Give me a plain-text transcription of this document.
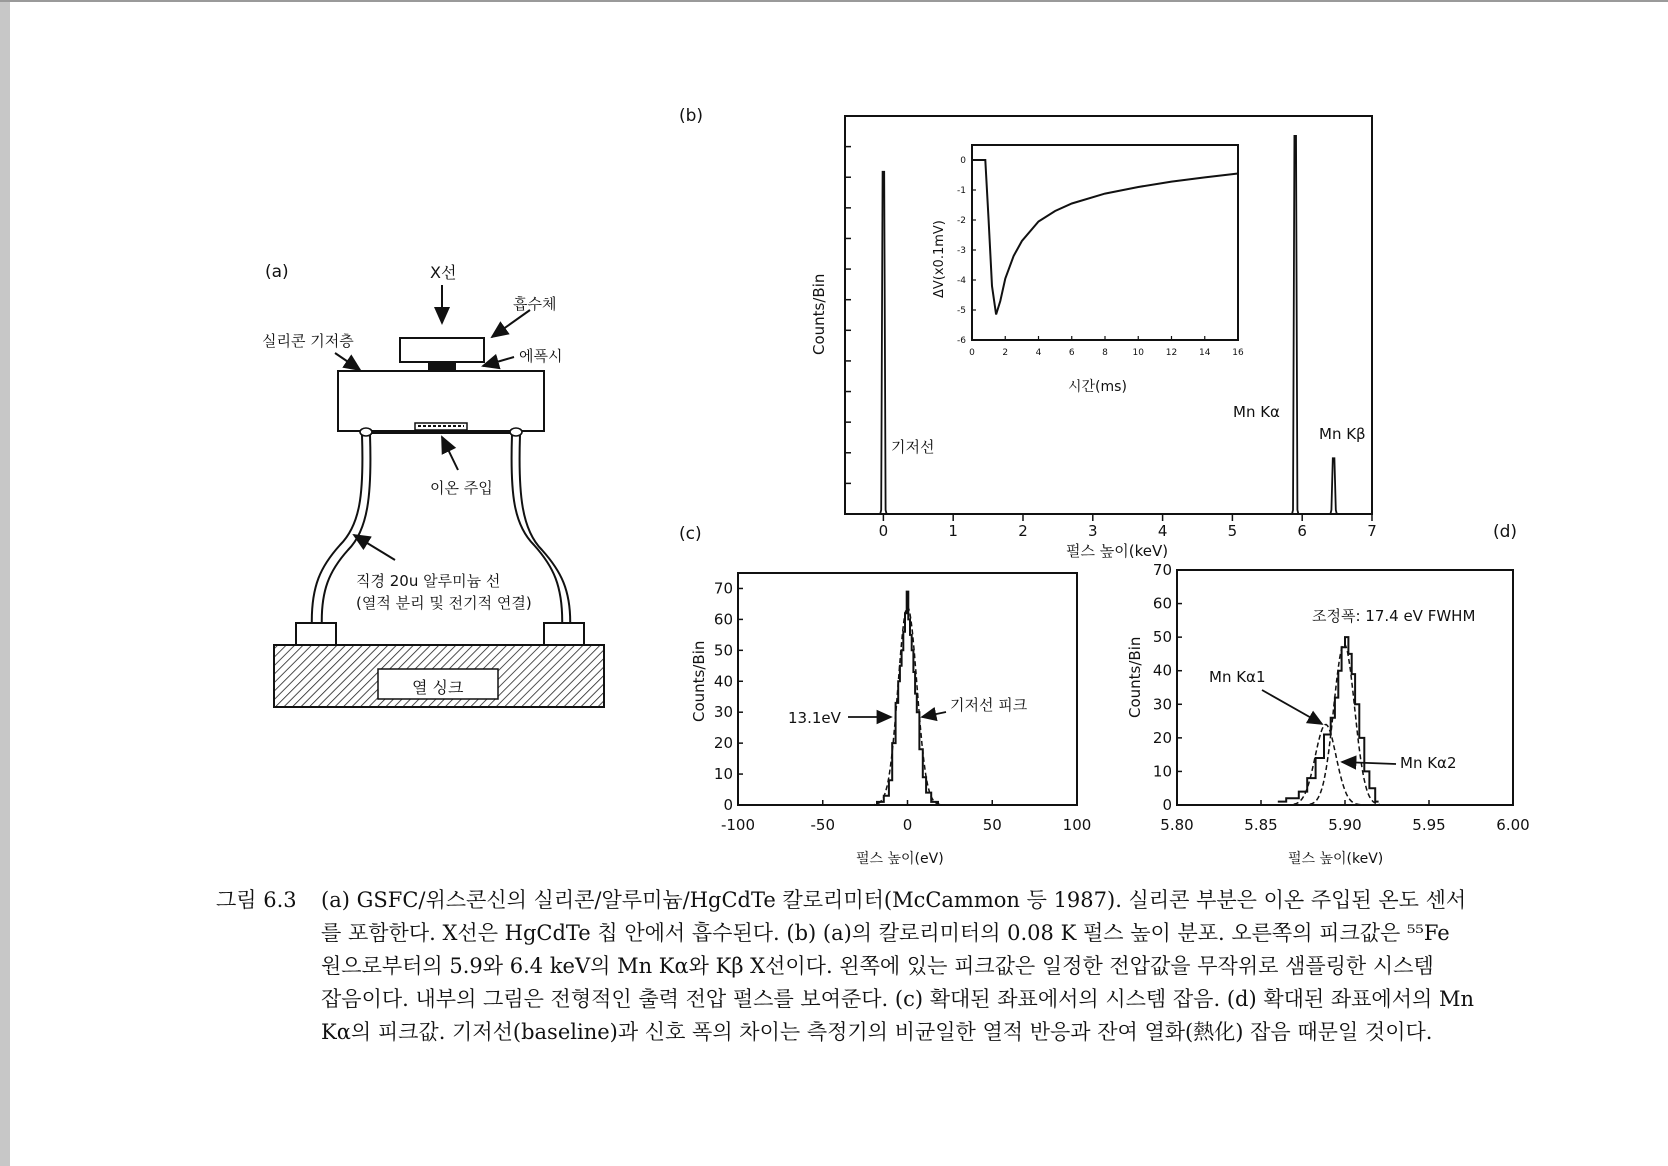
(a)	X선
흡수체
실리콘 기저층
에폭시
이온 주입
직경 20u 알루미늄 선
(열적 분리 및 전기적 연결)
열 싱크
(b)
0	1	2	3	4	5	6	7
0	2	4	6	8	10 12 14 16
0
-1
-2
-3
-4
-5
-6
Counts/Bin
펄스 높이(keV)
기저선
Mn Kα
Mn Kβ
ΔV(x0.1mV)
시간(ms)
(c)
-100	-50	0	50	100
0
10
20
30
40
50
60
70
Counts/Bin
펄스 높이(eV)
13.1eV
기저선 피크
(d)
5.80	5.85	5.90	5.95	6.00
0
10
20
30
40
50
60
70
Counts/Bin
펄스 높이(keV)
조정폭: 17.4 eV FWHM
Mn Kα1
Mn Kα2
그림 6.3 (a) GSFC/위스콘신의 실리콘/알루미늄/HgCdTe 칼로리미터(McCammon 등 1987). 실리콘 부분은 이온 주입된 온도 센서
를 포함한다. X선은 HgCdTe 칩 안에서 흡수된다. (b) (a)의 칼로리미터의 0.08 K 펄스 높이 분포. 오른쪽의 피크값은 ⁵⁵Fe
원으로부터의 5.9와 6.4 keV의 Mn Kα와 Kβ X선이다. 왼쪽에 있는 피크값은 일정한 전압값을 무작위로 샘플링한 시스템
잡음이다. 내부의 그림은 전형적인 출력 전압 펄스를 보여준다. (c) 확대된 좌표에서의 시스템 잡음. (d) 확대된 좌표에서의 Mn
Kα의 피크값. 기저선(baseline)과 신호 폭의 차이는 측정기의 비균일한 열적 반응과 잔여 열화(熱化) 잡음 때문일 것이다.
